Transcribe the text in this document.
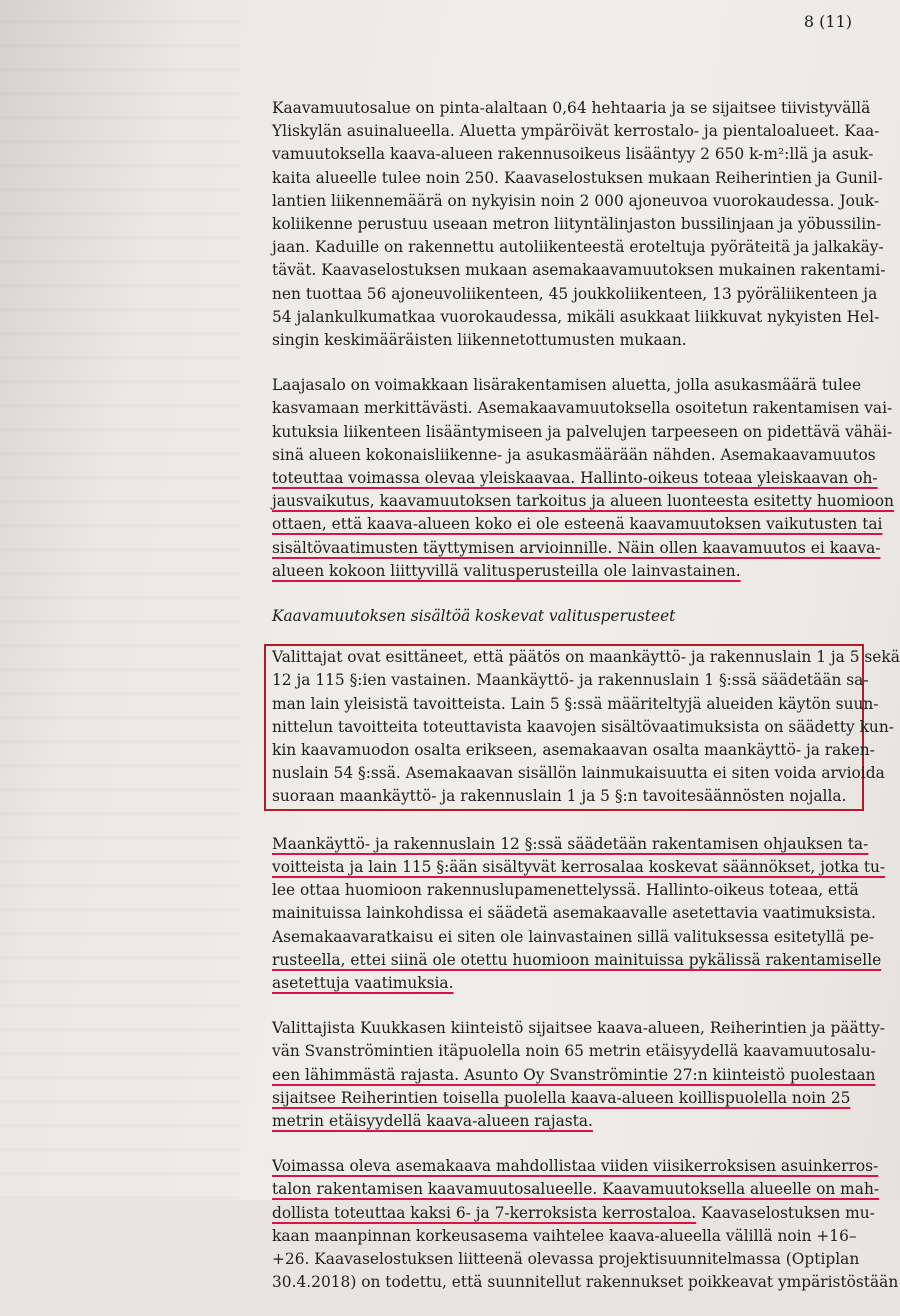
8 (11)
Kaavamuutosalue on pinta-alaltaan 0,64 hehtaaria ja se sijaitsee tiivistyvällä
Yliskylän asuinalueella. Aluetta ympäröivät kerrostalo- ja pientaloalueet. Kaa-
vamuutoksella kaava-alueen rakennusoikeus lisääntyy 2 650 k-m²:llä ja asuk-
kaita alueelle tulee noin 250. Kaavaselostuksen mukaan Reiherintien ja Gunil-
lantien liikennemäärä on nykyisin noin 2 000 ajoneuvoa vuorokaudessa. Jouk-
koliikenne perustuu useaan metron liityntälinjaston bussilinjaan ja yöbussilin-
jaan. Kaduille on rakennettu autoliikenteestä eroteltuja pyöräteitä ja jalkakäy-
tävät. Kaavaselostuksen mukaan asemakaavamuutoksen mukainen rakentami-
nen tuottaa 56 ajoneuvoliikenteen, 45 joukkoliikenteen, 13 pyöräliikenteen ja
54 jalankulkumatkaa vuorokaudessa, mikäli asukkaat liikkuvat nykyisten Hel-
singin keskimääräisten liikennetottumusten mukaan.
Laajasalo on voimakkaan lisärakentamisen aluetta, jolla asukasmäärä tulee
kasvamaan merkittävästi. Asemakaavamuutoksella osoitetun rakentamisen vai-
kutuksia liikenteen lisääntymiseen ja palvelujen tarpeeseen on pidettävä vähäi-
sinä alueen kokonaisliikenne- ja asukasmäärään nähden. Asemakaavamuutos
toteuttaa voimassa olevaa yleiskaavaa. Hallinto-oikeus toteaa yleiskaavan oh-
jausvaikutus, kaavamuutoksen tarkoitus ja alueen luonteesta esitetty huomioon
ottaen, että kaava-alueen koko ei ole esteenä kaavamuutoksen vaikutusten tai
sisältövaatimusten täyttymisen arvioinnille. Näin ollen kaavamuutos ei kaava-
alueen kokoon liittyvillä valitusperusteilla ole lainvastainen.

Kaavamuutoksen sisältöä koskevat valitusperusteet

Valittajat ovat esittäneet, että päätös on maankäyttö- ja rakennuslain 1 ja 5 sekä
12 ja 115 §:ien vastainen. Maankäyttö- ja rakennuslain 1 §:ssä säädetään sa-
man lain yleisistä tavoitteista. Lain 5 §:ssä määriteltyjä alueiden käytön suun-
nittelun tavoitteita toteuttavista kaavojen sisältövaatimuksista on säädetty kun-
kin kaavamuodon osalta erikseen, asemakaavan osalta maankäyttö- ja raken-
nuslain 54 §:ssä. Asemakaavan sisällön lainmukaisuutta ei siten voida arvioida
suoraan maankäyttö- ja rakennuslain 1 ja 5 §:n tavoitesäännösten nojalla.
Maankäyttö- ja rakennuslain 12 §:ssä säädetään rakentamisen ohjauksen ta-
voitteista ja lain 115 §:ään sisältyvät kerrosalaa koskevat säännökset, jotka tu-
lee ottaa huomioon rakennuslupamenettelyssä. Hallinto-oikeus toteaa, että
mainituissa lainkohdissa ei säädetä asemakaavalle asetettavia vaatimuksista.
Asemakaavaratkaisu ei siten ole lainvastainen sillä valituksessa esitetyllä pe-
rusteella, ettei siinä ole otettu huomioon mainituissa pykälissä rakentamiselle
asetettuja vaatimuksia.
Valittajista Kuukkasen kiinteistö sijaitsee kaava-alueen, Reiherintien ja päätty-
vän Svanströmintien itäpuolella noin 65 metrin etäisyydellä kaavamuutosalu-
een lähimmästä rajasta. Asunto Oy Svanströmintie 27:n kiinteistö puolestaan
sijaitsee Reiherintien toisella puolella kaava-alueen koillispuolella noin 25
metrin etäisyydellä kaava-alueen rajasta.
Voimassa oleva asemakaava mahdollistaa viiden viisikerroksisen asuinkerros-
talon rakentamisen kaavamuutosalueelle. Kaavamuutoksella alueelle on mah-
dollista toteuttaa kaksi 6- ja 7-kerroksista kerrostaloa. Kaavaselostuksen mu-
kaan maanpinnan korkeusasema vaihtelee kaava-alueella välillä noin +16–
+26. Kaavaselostuksen liitteenä olevassa projektisuunnitelmassa (Optiplan
30.4.2018) on todettu, että suunnitellut rakennukset poikkeavat ympäristöstään
